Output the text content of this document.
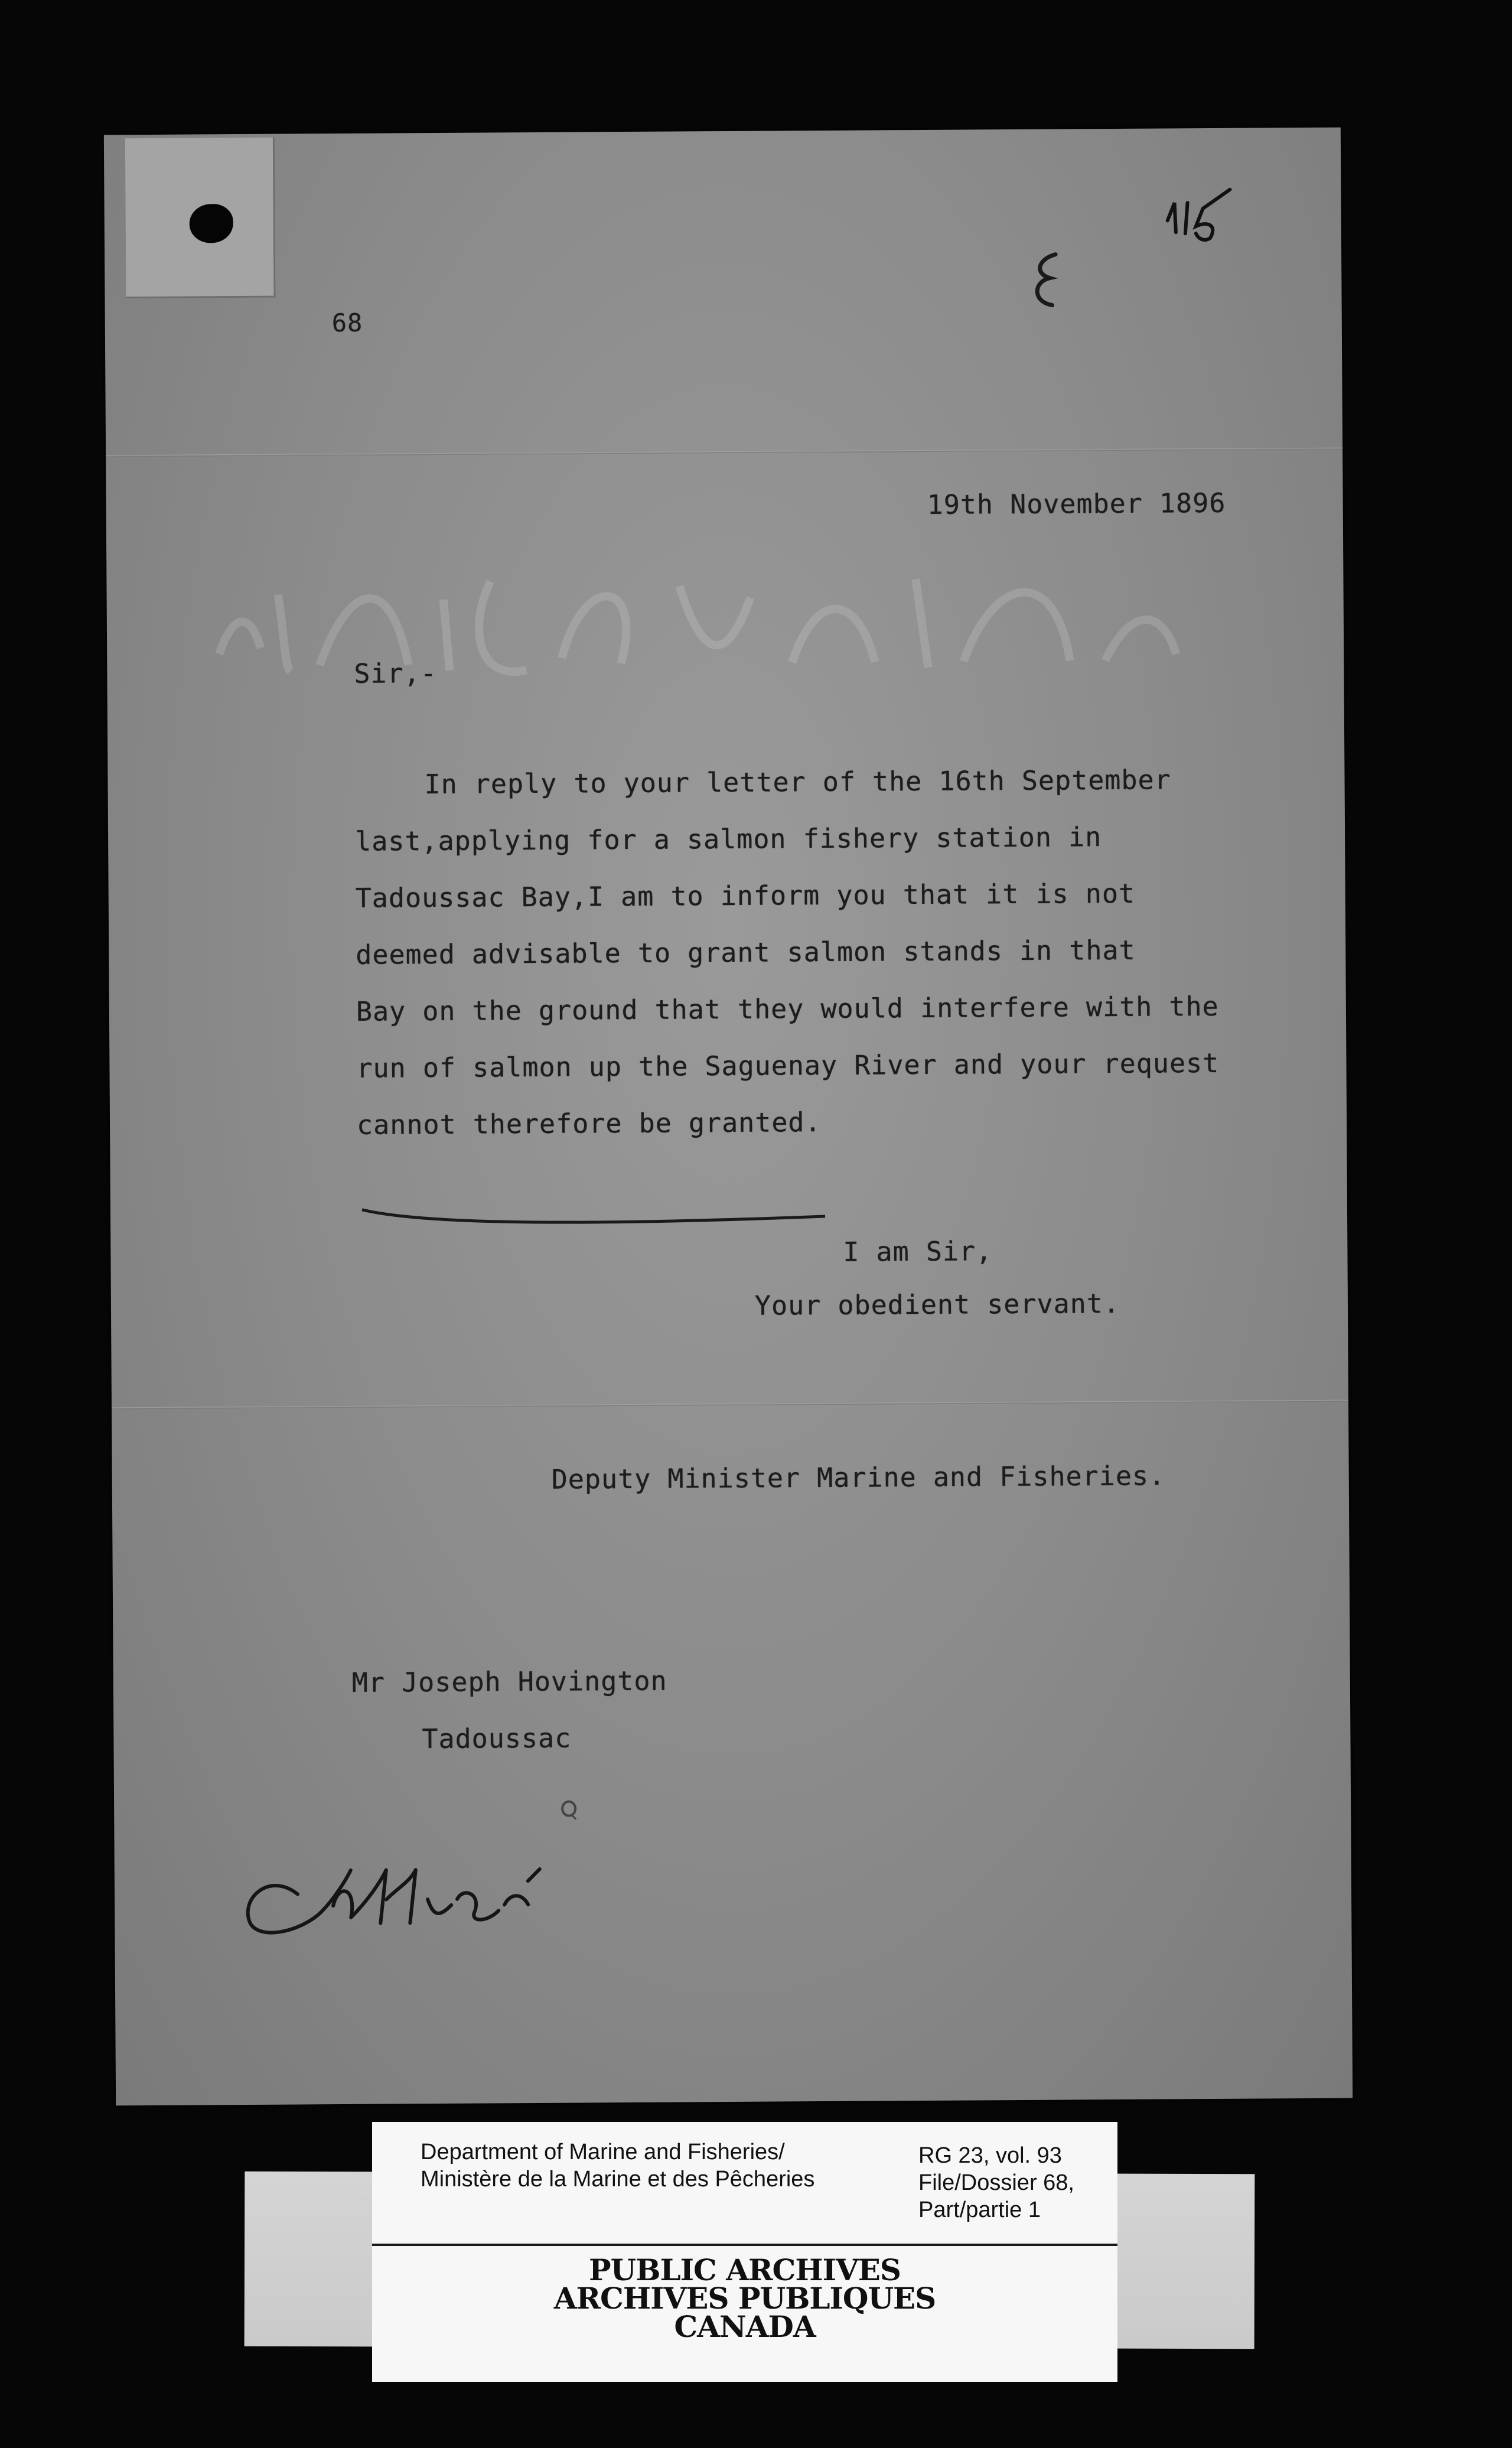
68
19th November 1896
Sir,-
In reply to your letter of the 16th September
last,applying for a salmon fishery station in
Tadoussac Bay,I am to inform you that it is not
deemed advisable to grant salmon stands in that
Bay on the ground that they would interfere with the
run of salmon up the Saguenay River and your request
cannot therefore be granted.
I am Sir,
Your obedient servant.
Deputy Minister Marine and Fisheries.
Mr Joseph Hovington
Tadoussac
Department of Marine and Fisheries/
Ministère de la Marine et des Pêcheries
RG 23, vol. 93
File/Dossier 68,
Part/partie 1
PUBLIC ARCHIVES
ARCHIVES PUBLIQUES
CANADA
